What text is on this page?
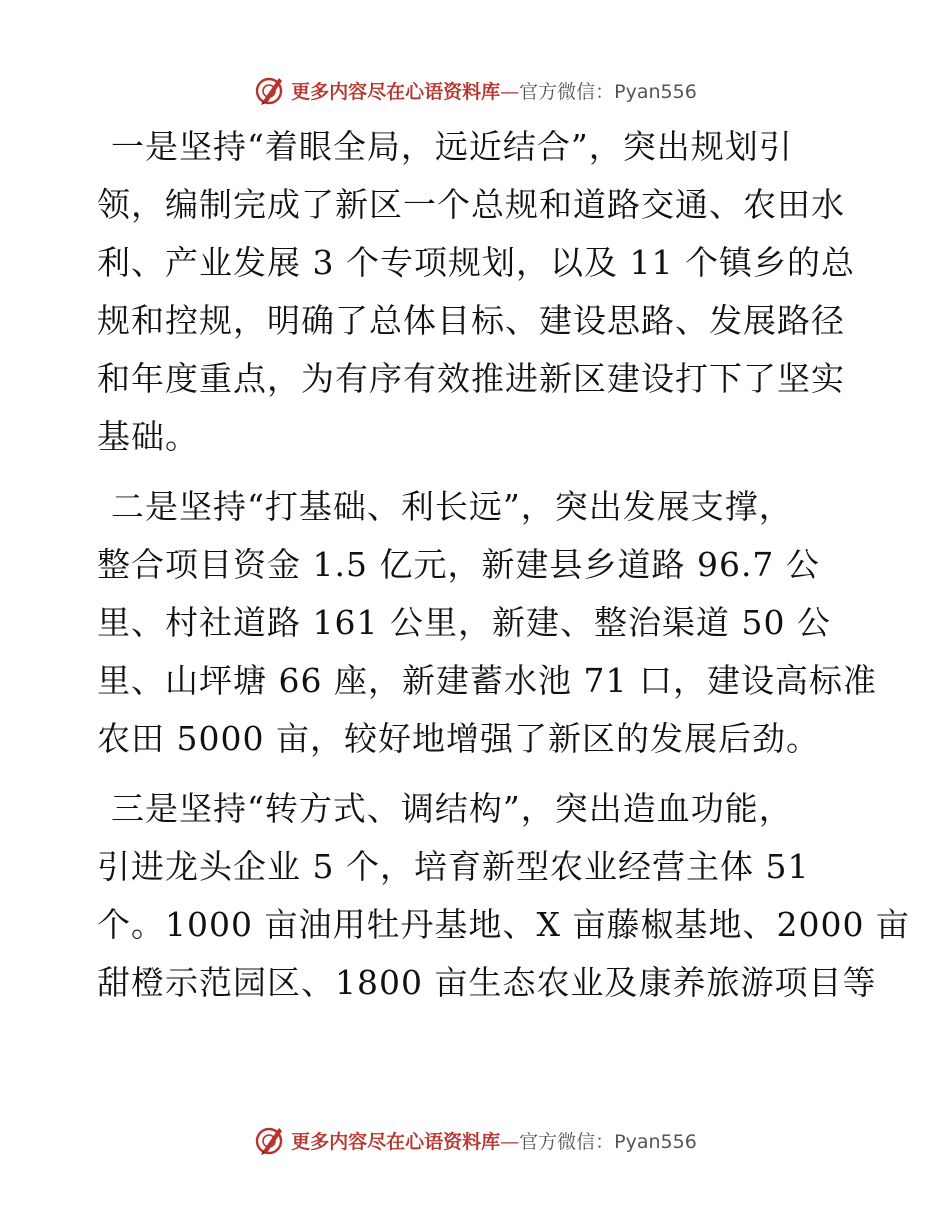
更多内容尽在心语资料库—官方微信：Pyan556
一是坚持“着眼全局，远近结合”，突出规划引
领，编制完成了新区一个总规和道路交通、农田水
利、产业发展 3 个专项规划，以及 11 个镇乡的总
规和控规，明确了总体目标、建设思路、发展路径
和年度重点，为有序有效推进新区建设打下了坚实
基础。
二是坚持“打基础、利长远”，突出发展支撑，
整合项目资金 1.5 亿元，新建县乡道路 96.7 公
里、村社道路 161 公里，新建、整治渠道 50 公
里、山坪塘 66 座，新建蓄水池 71 口，建设高标准
农田 5000 亩，较好地增强了新区的发展后劲。
三是坚持“转方式、调结构”，突出造血功能，
引进龙头企业 5 个，培育新型农业经营主体 51
个。1000 亩油用牡丹基地、X 亩藤椒基地、2000 亩
甜橙示范园区、1800 亩生态农业及康养旅游项目等
更多内容尽在心语资料库—官方微信：Pyan556
